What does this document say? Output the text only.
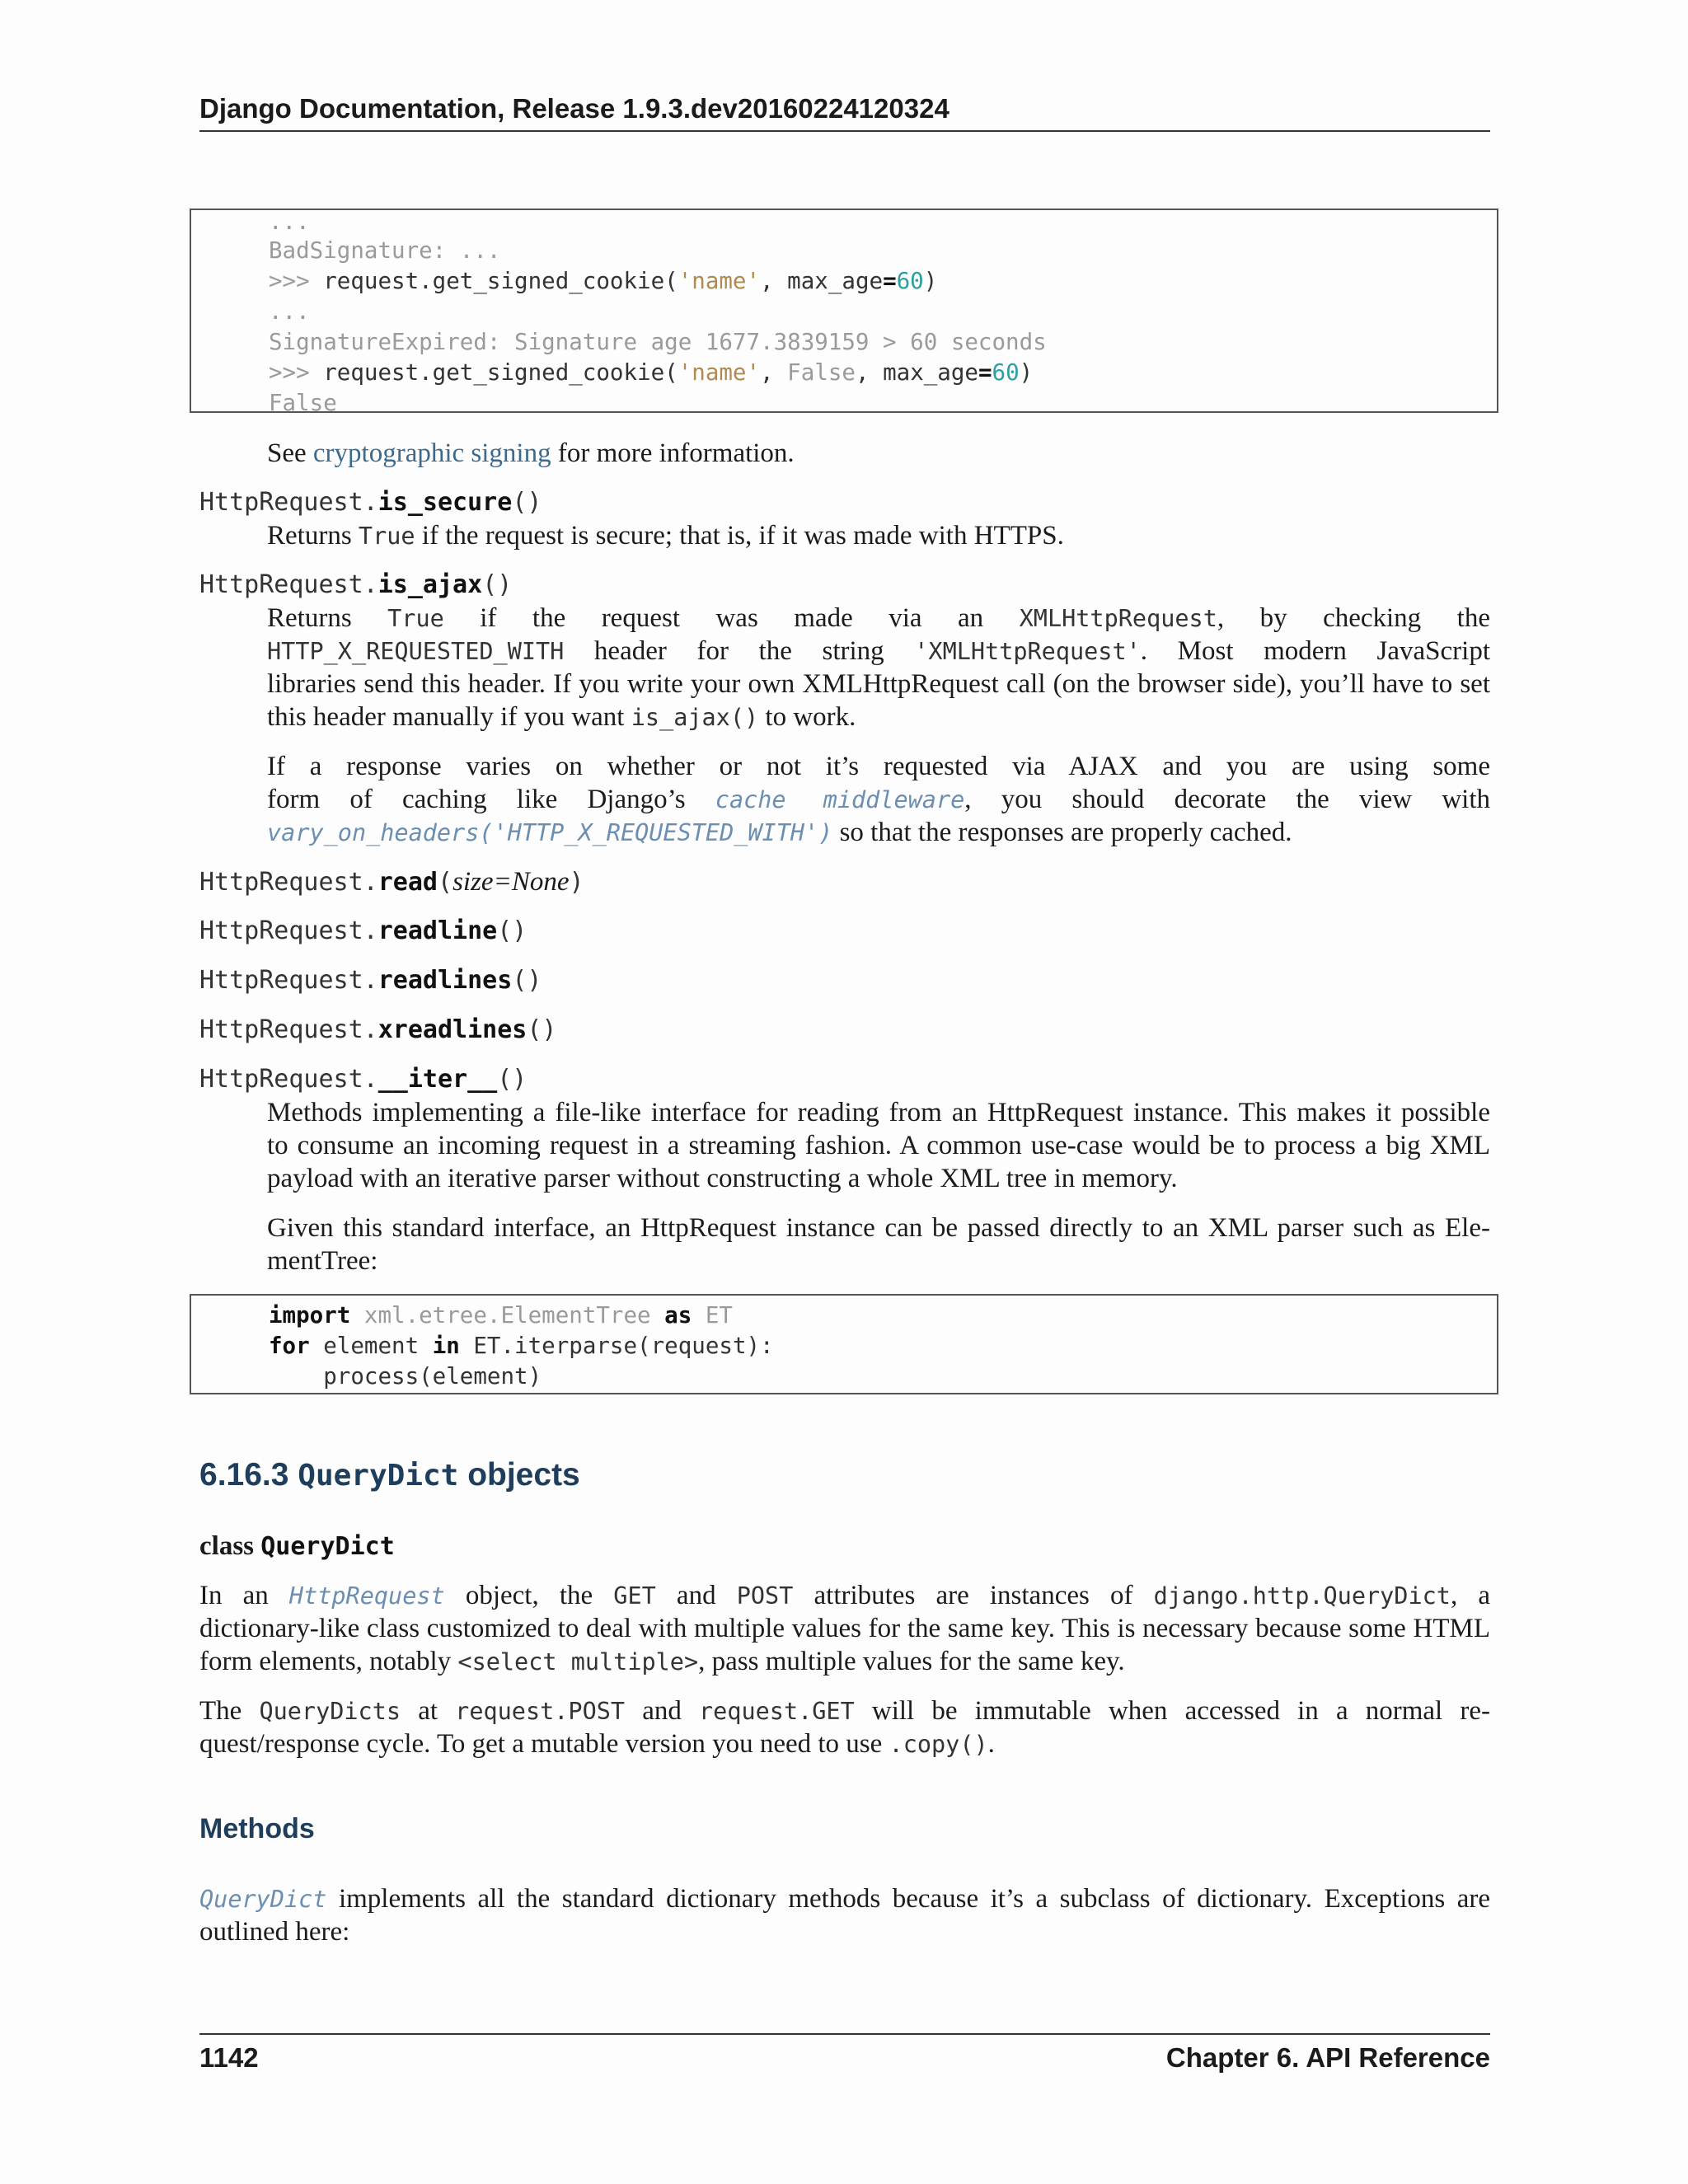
Django Documentation, Release 1.9.3.dev20160224120324
...
BadSignature: ...
>>> request.get_signed_cookie('name', max_age=60)
...
SignatureExpired: Signature age 1677.3839159 > 60 seconds
>>> request.get_signed_cookie('name', False, max_age=60)
False
See cryptographic signing for more information.
HttpRequest.is_secure()
Returns True if the request is secure; that is, if it was made with HTTPS.
HttpRequest.is_ajax()
Returns True if the request was made via an XMLHttpRequest, by checking the
HTTP_X_REQUESTED_WITH header for the string 'XMLHttpRequest'. Most modern JavaScript
libraries send this header. If you write your own XMLHttpRequest call (on the browser side), you’ll have to set
this header manually if you want is_ajax() to work.
If a response varies on whether or not it’s requested via AJAX and you are using some
form of caching like Django’s cache middleware, you should decorate the view with
vary_on_headers('HTTP_X_REQUESTED_WITH') so that the responses are properly cached.
HttpRequest.read(size=None)
HttpRequest.readline()
HttpRequest.readlines()
HttpRequest.xreadlines()
HttpRequest.__iter__()
Methods implementing a file-like interface for reading from an HttpRequest instance. This makes it possible
to consume an incoming request in a streaming fashion. A common use-case would be to process a big XML
payload with an iterative parser without constructing a whole XML tree in memory.
Given this standard interface, an HttpRequest instance can be passed directly to an XML parser such as Ele-
mentTree:
import xml.etree.ElementTree as ET
for element in ET.iterparse(request):
process(element)
6.16.3 QueryDict objects
class QueryDict
In an HttpRequest object, the GET and POST attributes are instances of django.http.QueryDict, a
dictionary-like class customized to deal with multiple values for the same key. This is necessary because some HTML
form elements, notably <select multiple>, pass multiple values for the same key.
The QueryDicts at request.POST and request.GET will be immutable when accessed in a normal re-
quest/response cycle. To get a mutable version you need to use .copy().
Methods
QueryDict implements all the standard dictionary methods because it’s a subclass of dictionary. Exceptions are
outlined here:
1142	Chapter 6. API Reference
